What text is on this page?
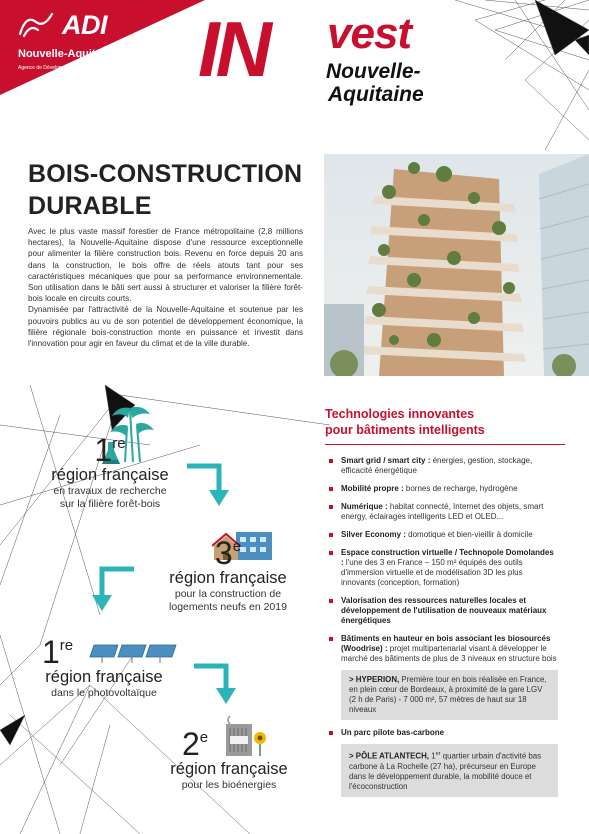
ADI
Nouvelle-Aquitaine
Agence de Développement et d'Innovation IN vest
Nouvelle-
Aquitaine
BOIS-CONSTRUCTION
DURABLE

Avec le plus vaste massif forestier de France métropolitaine (2,8 millions hectares), la Nouvelle-Aquitaine dispose d'une ressource exceptionnelle pour alimenter la filière construction bois. Revenu en force depuis 20 ans dans la construction, le bois offre de réels atouts tant pour ses caractéristiques mécaniques que pour sa performance environnementale. Son utilisation dans le bâti sert aussi à structurer et valoriser la filière forêt-bois locale en circuits courts.

Dynamisée par l'attractivité de la Nouvelle-Aquitaine et soutenue par les pouvoirs publics au vu de son potentiel de développement économique, la filière régionale bois-construction monte en puissance et investit dans l'innovation pour agir en faveur du climat et de la ville durable.

1re
région française
en travaux de recherche
sur la filière forêt-bois
3e
région française
pour la construction de
logements neufs en 2019
1re
région française
dans le photovoltaïque
2e
région française
pour les bioénergies
Technologies innovantes
pour bâtiments intelligents
Smart grid / smart city : énergies, gestion, stockage, efficacité énergétique
Mobilité propre : bornes de recharge, hydrogène
Numérique : habitat connecté, Internet des objets, smart energy, éclairages intelligents LED et OLED...
Silver Economy : domotique et bien-vieillir à domicile
Espace construction virtuelle / Technopole Domolandes : l'une des 3 en France – 150 m² équipés des outils d'immersion virtuelle et de modélisation 3D les plus innovants (conception, formation)
Valorisation des ressources naturelles locales et développement de l'utilisation de nouveaux matériaux énergétiques
Bâtiments en hauteur en bois associant les biosourcés (Woodrise) : projet multipartenarial visant à développer le marché des bâtiments de plus de 3 niveaux en structure bois
> HYPERION, Première tour en bois réalisée en France, en plein cœur de Bordeaux, à proximité de la gare LGV (2 h de Paris) - 7 000 m², 57 mètres de haut sur 18 niveaux
Un parc pilote bas-carbone
> PÔLE ATLANTECH, 1er quartier urbain d'activité bas carbone à La Rochelle (27 ha), précurseur en Europe dans le développement durable, la mobilité douce et l'écoconstruction
